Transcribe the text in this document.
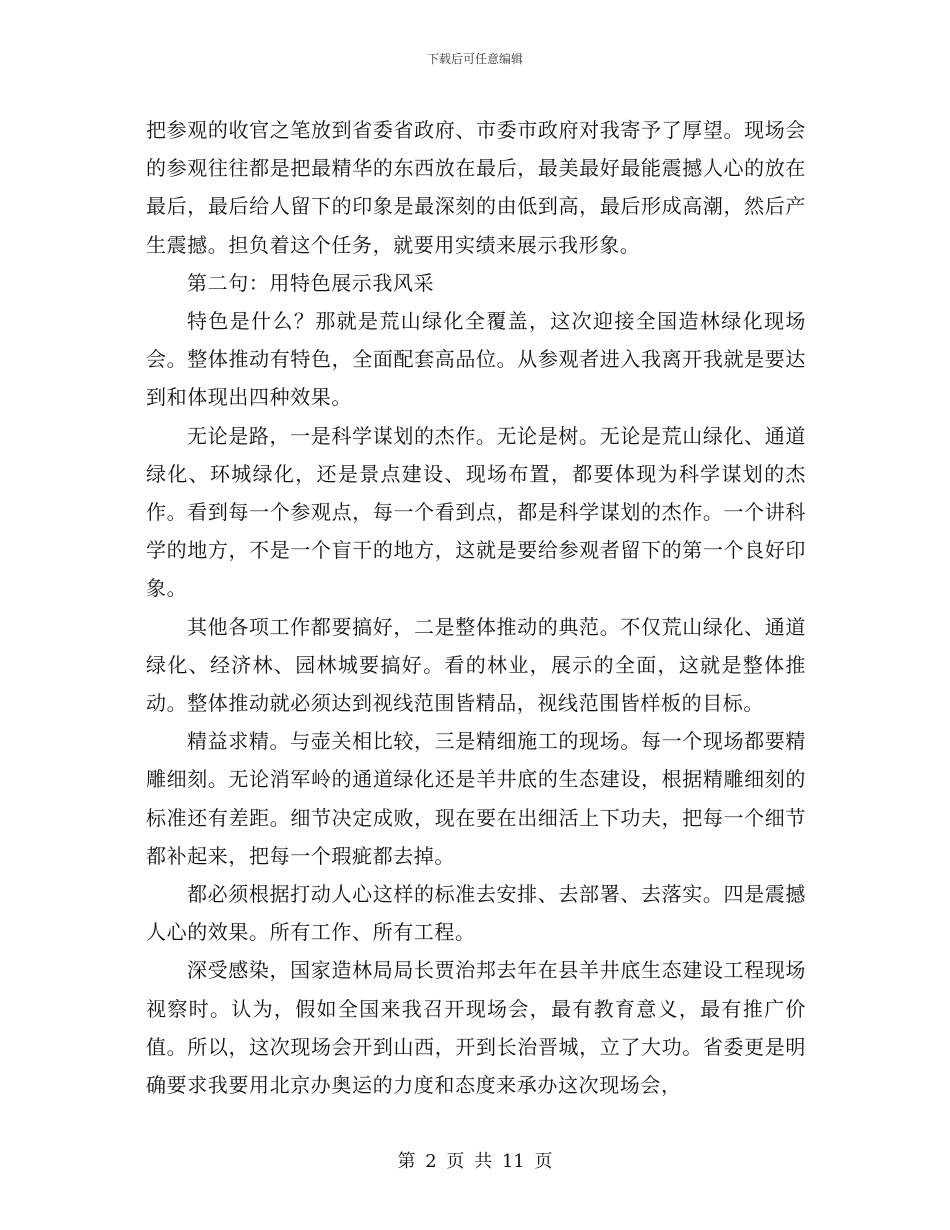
下载后可任意编辑

把参观的收官之笔放到省委省政府、市委市政府对我寄予了厚望。现场会的参观往往都是把最精华的东西放在最后，最美最好最能震撼人心的放在最后，最后给人留下的印象是最深刻的由低到高，最后形成高潮，然后产生震撼。担负着这个任务，就要用实绩来展示我形象。

第二句：用特色展示我风采

特色是什么？那就是荒山绿化全覆盖，这次迎接全国造林绿化现场会。整体推动有特色，全面配套高品位。从参观者进入我离开我就是要达到和体现出四种效果。

无论是路，一是科学谋划的杰作。无论是树。无论是荒山绿化、通道绿化、环城绿化，还是景点建设、现场布置，都要体现为科学谋划的杰作。看到每一个参观点，每一个看到点，都是科学谋划的杰作。一个讲科学的地方，不是一个盲干的地方，这就是要给参观者留下的第一个良好印象。

其他各项工作都要搞好，二是整体推动的典范。不仅荒山绿化、通道绿化、经济林、园林城要搞好。看的林业，展示的全面，这就是整体推动。整体推动就必须达到视线范围皆精品，视线范围皆样板的目标。

精益求精。与壶关相比较，三是精细施工的现场。每一个现场都要精雕细刻。无论消军岭的通道绿化还是羊井底的生态建设，根据精雕细刻的标准还有差距。细节决定成败，现在要在出细活上下功夫，把每一个细节都补起来，把每一个瑕疵都去掉。

都必须根据打动人心这样的标准去安排、去部署、去落实。四是震撼人心的效果。所有工作、所有工程。

深受感染，国家造林局局长贾治邦去年在县羊井底生态建设工程现场视察时。认为，假如全国来我召开现场会，最有教育意义，最有推广价值。所以，这次现场会开到山西，开到长治晋城，立了大功。省委更是明确要求我要用北京办奥运的力度和态度来承办这次现场会，

第 2 页 共 11 页
